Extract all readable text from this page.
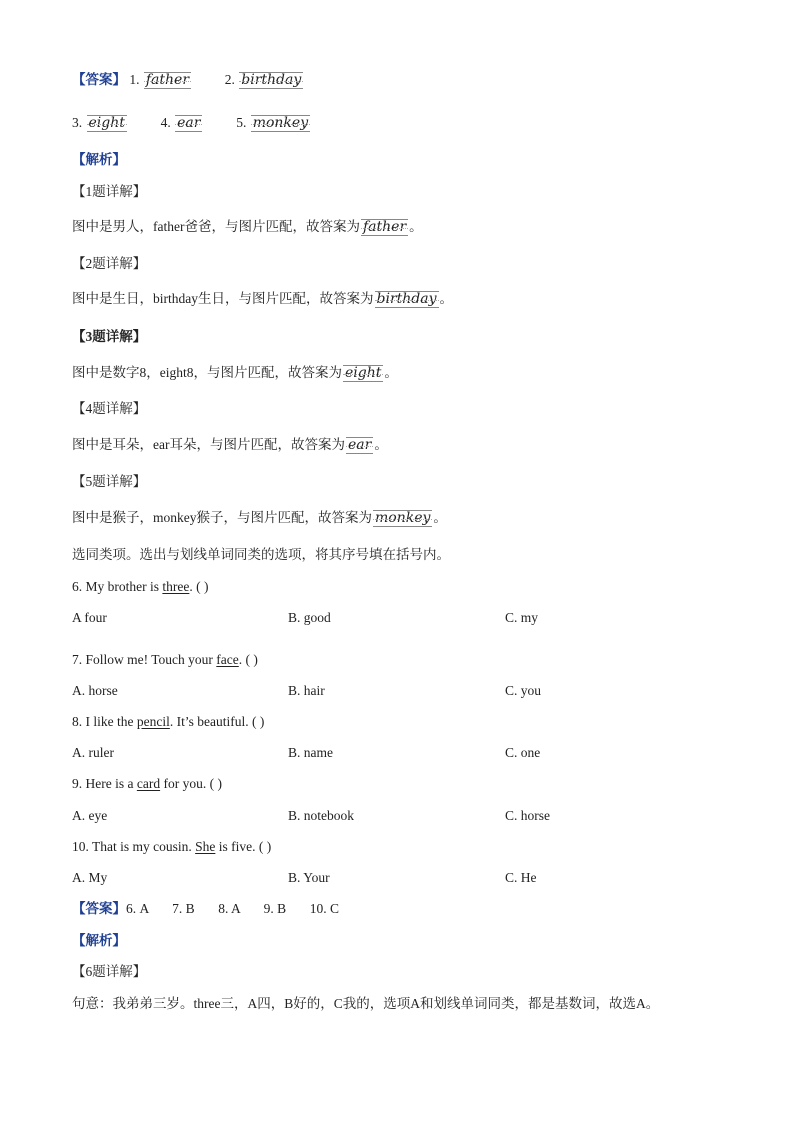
【答案】 1. father	2. birthday
3. eight	4. ear	5. monkey
【解析】
【1题详解】
图中是男人，father爸爸，与图片匹配，故答案为 father 。
【2题详解】
图中是生日，birthday生日，与图片匹配，故答案为 birthday 。
【3题详解】
图中是数字8，eight8，与图片匹配，故答案为 eight 。
【4题详解】
图中是耳朵，ear耳朵，与图片匹配，故答案为 ear 。
【5题详解】
图中是猴子，monkey猴子，与图片匹配，故答案为 monkey 。
选同类项。选出与划线单词同类的选项，将其序号填在括号内。
6. My brother is three. ( )
A four	B. good	C. my
7. Follow me! Touch your face. ( )
A. horse	B. hair	C. you
8. I like the pencil. It’s beautiful. ( )
A. ruler	B. name	C. one
9. Here is a card for you. ( )
A. eye	B. notebook	C. horse
10. That is my cousin. She is five. ( )
A. My	B. Your	C. He
【答案】6. A       7. B       8. A       9. B       10. C
【解析】
【6题详解】
句意：我弟弟三岁。three三，A四，B好的，C我的，选项A和划线单词同类，都是基数词，故选A。
